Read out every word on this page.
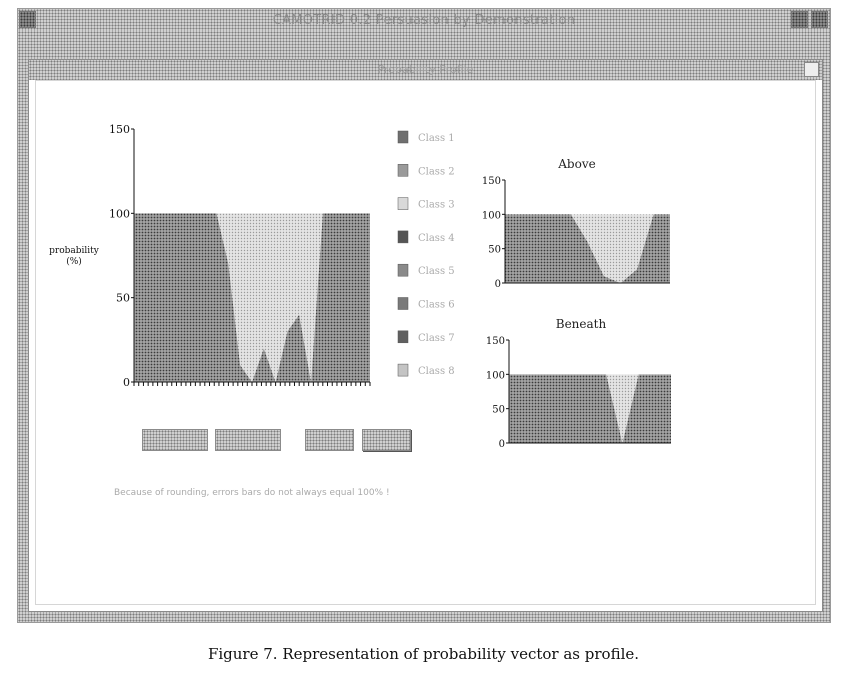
CAMOTRID 0.2 Persuasion by Demonstration
Probability Profile
probability
(%)
Above
Beneath
150
100
50
0
150
100
50
0
150
100
50
0
Class 1
Class 2
Class 3
Class 4
Class 5
Class 6
Class 7
Class 8
Because of rounding, errors bars do not always equal 100% !
Figure 7. Representation of probability vector as profile.
